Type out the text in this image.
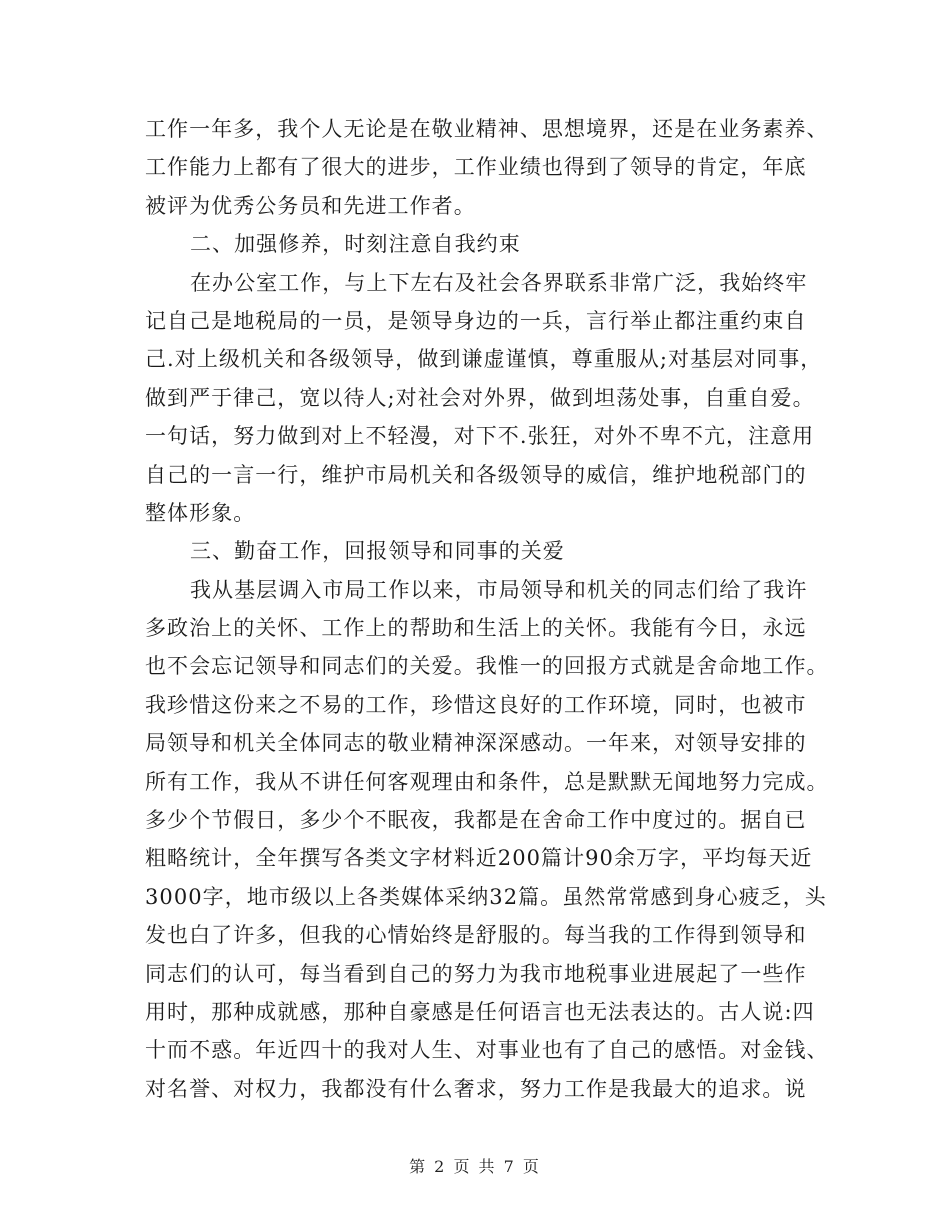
工作一年多，我个人无论是在敬业精神、思想境界，还是在业务素养、
工作能力上都有了很大的进步，工作业绩也得到了领导的肯定，年底
被评为优秀公务员和先进工作者。
二、加强修养，时刻注意自我约束
在办公室工作，与上下左右及社会各界联系非常广泛，我始终牢
记自己是地税局的一员，是领导身边的一兵，言行举止都注重约束自
己.对上级机关和各级领导，做到谦虚谨慎，尊重服从;对基层对同事，
做到严于律己，宽以待人;对社会对外界，做到坦荡处事，自重自爱。
一句话，努力做到对上不轻漫，对下不.张狂，对外不卑不亢，注意用
自己的一言一行，维护市局机关和各级领导的威信，维护地税部门的
整体形象。
三、勤奋工作，回报领导和同事的关爱
我从基层调入市局工作以来，市局领导和机关的同志们给了我许
多政治上的关怀、工作上的帮助和生活上的关怀。我能有今日，永远
也不会忘记领导和同志们的关爱。我惟一的回报方式就是舍命地工作。
我珍惜这份来之不易的工作，珍惜这良好的工作环境，同时，也被市
局领导和机关全体同志的敬业精神深深感动。一年来，对领导安排的
所有工作，我从不讲任何客观理由和条件，总是默默无闻地努力完成。
多少个节假日，多少个不眠夜，我都是在舍命工作中度过的。据自已
粗略统计，全年撰写各类文字材料近200篇计90余万字，平均每天近
3000字，地市级以上各类媒体采纳32篇。虽然常常感到身心疲乏，头
发也白了许多，但我的心情始终是舒服的。每当我的工作得到领导和
同志们的认可，每当看到自己的努力为我市地税事业进展起了一些作
用时，那种成就感，那种自豪感是任何语言也无法表达的。古人说:四
十而不惑。年近四十的我对人生、对事业也有了自己的感悟。对金钱、
对名誉、对权力，我都没有什么奢求，努力工作是我最大的追求。说
第 2 页 共 7 页
